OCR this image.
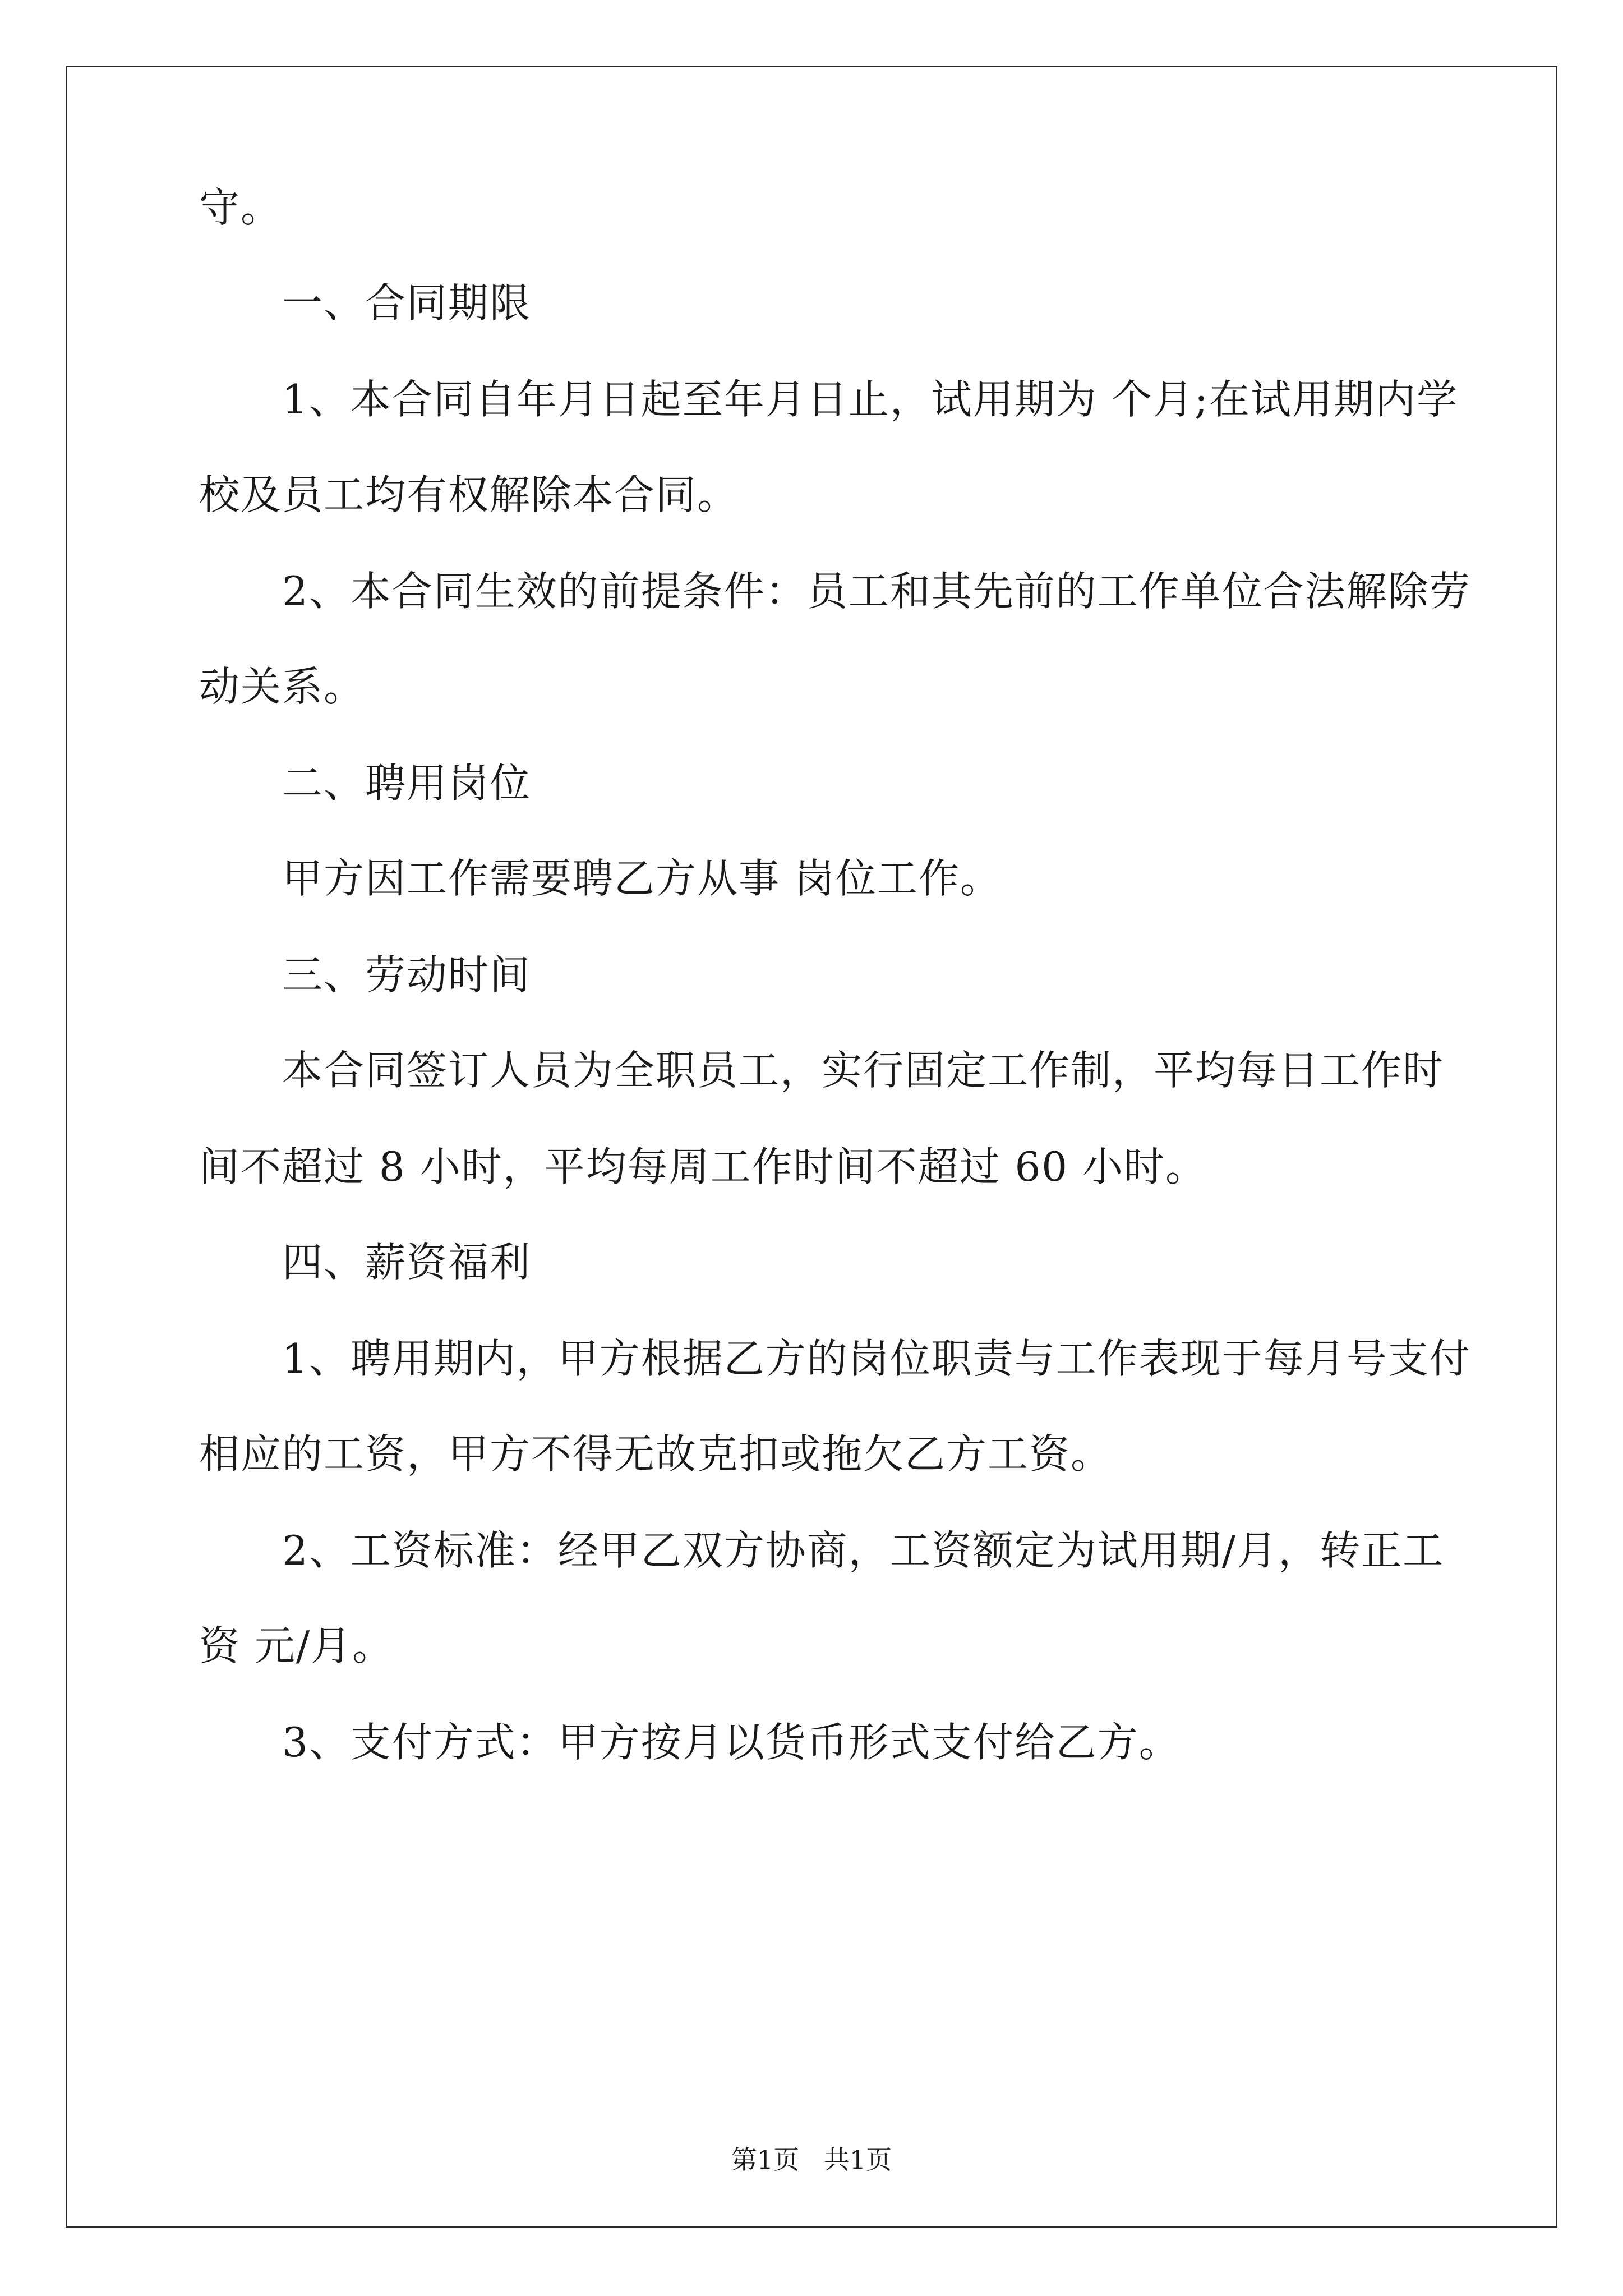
守。
一、合同期限
1、本合同自年月日起至年月日止，试用期为 个月;在试用期内学
校及员工均有权解除本合同。
2、本合同生效的前提条件：员工和其先前的工作单位合法解除劳
动关系。
二、聘用岗位
甲方因工作需要聘乙方从事 岗位工作。
三、劳动时间
本合同签订人员为全职员工，实行固定工作制，平均每日工作时
间不超过 8 小时，平均每周工作时间不超过 60 小时。
四、薪资福利
1、聘用期内，甲方根据乙方的岗位职责与工作表现于每月号支付
相应的工资，甲方不得无故克扣或拖欠乙方工资。
2、工资标准：经甲乙双方协商，工资额定为试用期/月，转正工
资 元/月。
3、支付方式：甲方按月以货币形式支付给乙方。
第1页   共1页
